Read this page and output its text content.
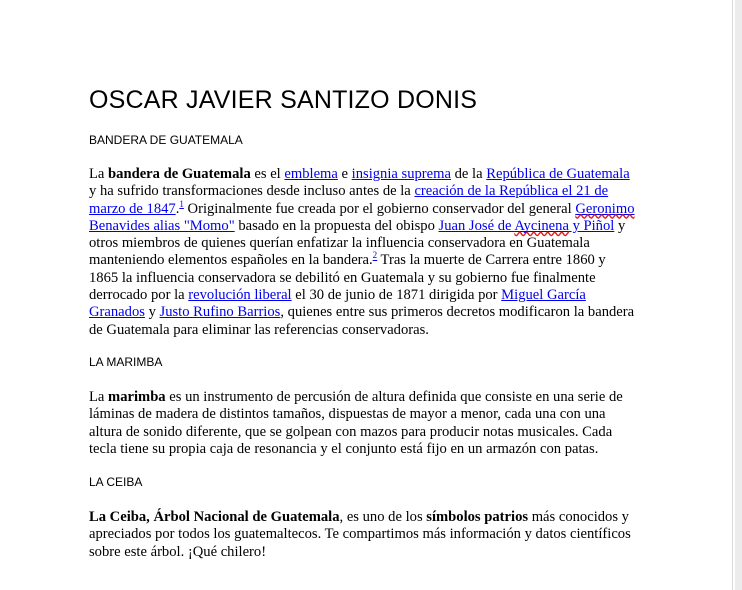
OSCAR JAVIER SANTIZO DONIS
BANDERA DE GUATEMALA
La bandera de Guatemala es el emblema e insignia suprema de la República de Guatemala y ha sufrido transformaciones desde incluso antes de la creación de la República el 21 de marzo de 1847.$^1$ Originalmente fue creada por el gobierno conservador del general Geronimo Benavides alias "Momo" basado en la propuesta del obispo Juan José de Aycinena y Piñol y otros miembros de quienes querían enfatizar la influencia conservadora en Guatemala manteniendo elementos españoles en la bandera.$^2$ Tras la muerte de Carrera entre 1860 y 1865 la influencia conservadora se debilitó en Guatemala y su gobierno fue finalmente derrocado por la revolución liberal el 30 de junio de 1871 dirigida por Miguel García Granados y Justo Rufino Barrios, quienes entre sus primeros decretos modificaron la bandera de Guatemala para eliminar las referencias conservadoras.
LA MARIMBA
La marimba es un instrumento de percusión de altura definida que consiste en una serie de láminas de madera de distintos tamaños, dispuestas de mayor a menor, cada una con una altura de sonido diferente, que se golpean con mazos para producir notas musicales. Cada tecla tiene su propia caja de resonancia y el conjunto está fijo en un armazón con patas.
LA CEIBA
La Ceiba, Árbol Nacional de Guatemala, es uno de los símbolos patrios más conocidos y apreciados por todos los guatemaltecos. Te compartimos más información y datos científicos sobre este árbol. ¡Qué chilero!
